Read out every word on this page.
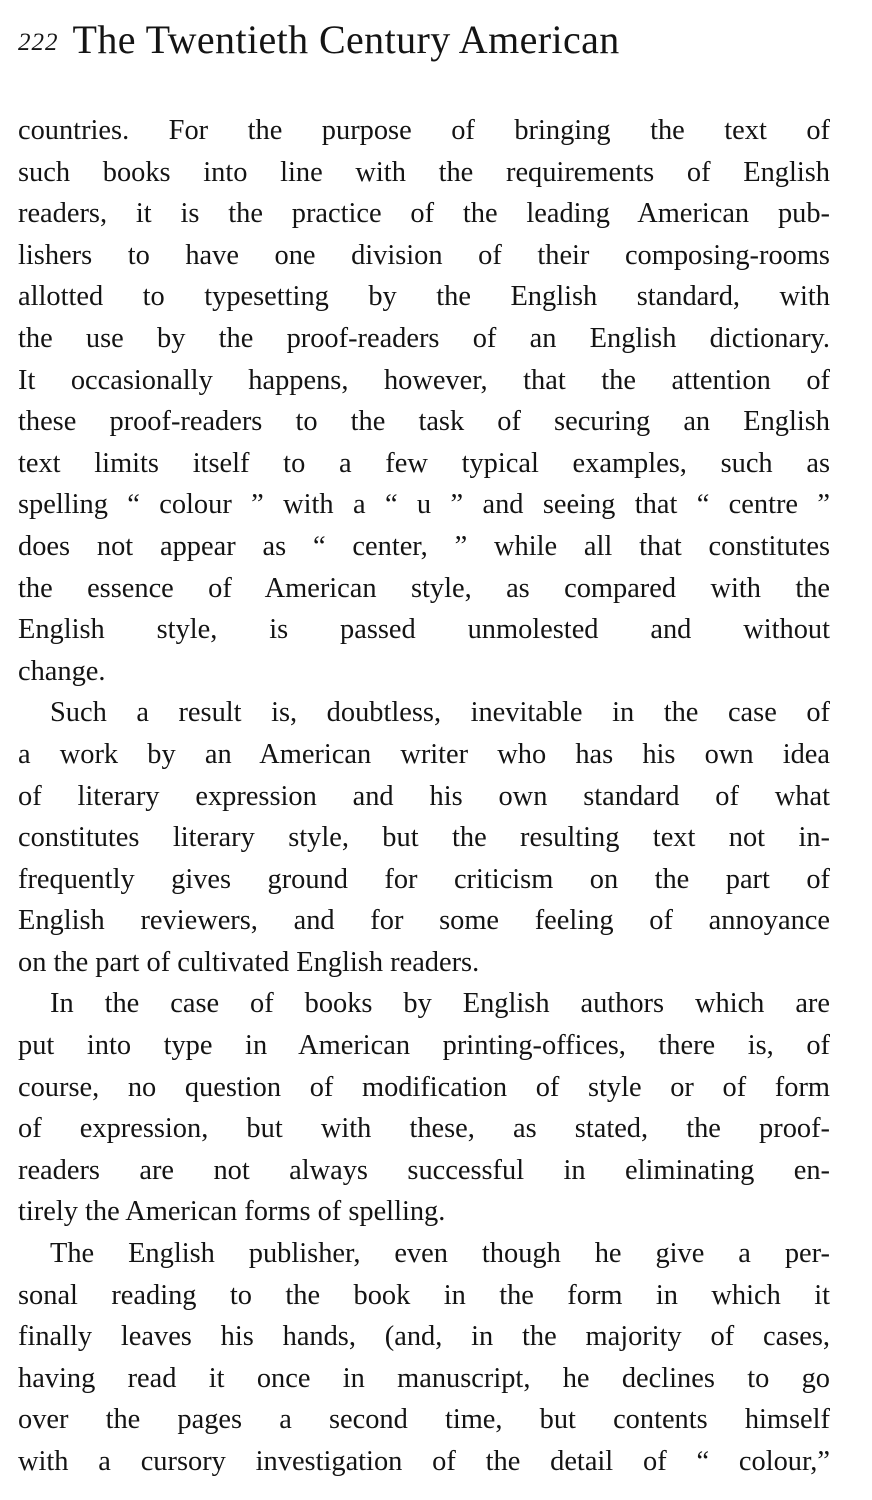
222 The Twentieth Century American
countries. For the purpose of bringing the text of
such books into line with the requirements of English
readers, it is the practice of the leading American pub-
lishers to have one division of their composing-rooms
allotted to typesetting by the English standard, with
the use by the proof-readers of an English dictionary.
It occasionally happens, however, that the attention of
these proof-readers to the task of securing an English
text limits itself to a few typical examples, such as
spelling “ colour ” with a “ u ” and seeing that “ centre ”
does not appear as “ center, ” while all that constitutes
the essence of American style, as compared with the
English style, is passed unmolested and without
change.
Such a result is, doubtless, inevitable in the case of
a work by an American writer who has his own idea
of literary expression and his own standard of what
constitutes literary style, but the resulting text not in-
frequently gives ground for criticism on the part of
English reviewers, and for some feeling of annoyance
on the part of cultivated English readers.
In the case of books by English authors which are
put into type in American printing-offices, there is, of
course, no question of modification of style or of form
of expression, but with these, as stated, the proof-
readers are not always successful in eliminating en-
tirely the American forms of spelling.
The English publisher, even though he give a per-
sonal reading to the book in the form in which it
finally leaves his hands, (and, in the majority of cases,
having read it once in manuscript, he declines to go
over the pages a second time, but contents himself
with a cursory investigation of the detail of “ colour,”
